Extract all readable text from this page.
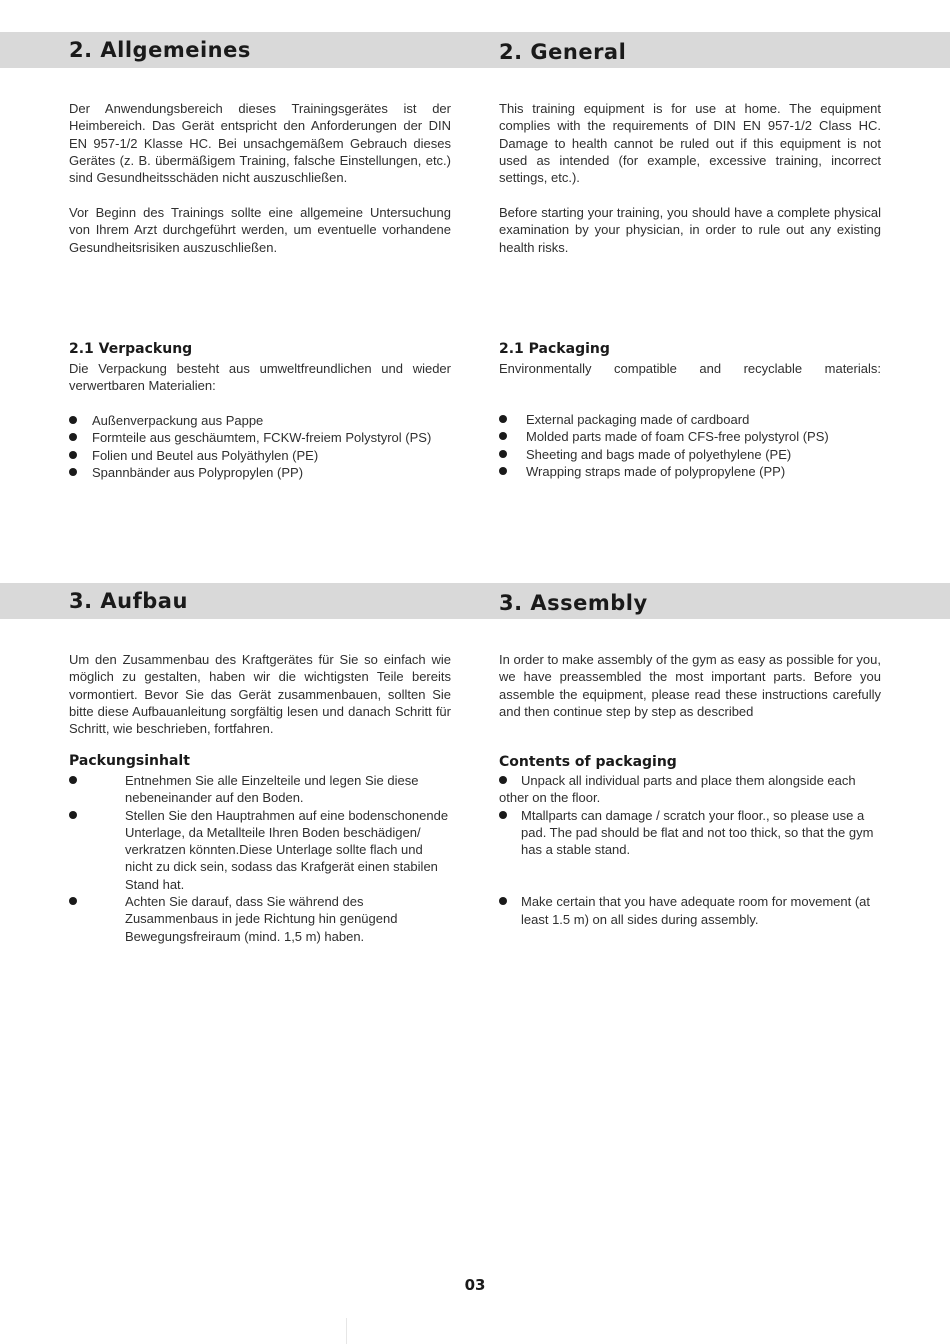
2. Allgemeines	2. General

Der Anwendungsbereich dieses Trainingsgerätes ist der Heimbereich. Das Gerät entspricht den Anforderungen der DIN EN 957-1/2 Klasse HC. Bei unsachgemäßem Gebrauch dieses Gerätes (z. B. übermäßigem Training, falsche Einstellungen, etc.) sind Gesundheitsschäden nicht auszuschließen.

Vor Beginn des Trainings sollte eine allgemeine Untersuchung von Ihrem Arzt durchgeführt werden, um eventuelle vorhandene Gesundheitsrisiken auszuschließen.

This training equipment is for use at home. The equipment complies with the requirements of DIN EN 957-1/2 Class HC. Damage to health cannot be ruled out if this equipment is not used as intended (for example, excessive training, incorrect settings, etc.).

Before starting your training, you should have a complete physical examination by your physician, in order to rule out any existing health risks.

2.1 Verpackung

Die Verpackung besteht aus umweltfreundlichen und wieder verwertbaren Materialien:

Außenverpackung aus Pappe
Formteile aus geschäumtem, FCKW-freiem Polystyrol (PS)
Folien und Beutel aus Polyäthylen (PE)
Spannbänder aus Polypropylen (PP)
2.1 Packaging

Environmentally compatible and recyclable materials:

External packaging made of cardboard
Molded parts made of foam CFS-free polystyrol (PS)
Sheeting and bags made of polyethylene (PE)
Wrapping straps made of polypropylene (PP)
3. Aufbau	3. Assembly

Um den Zusammenbau des Kraftgerätes für Sie so einfach wie möglich zu gestalten, haben wir die wichtigsten Teile bereits vormontiert. Bevor Sie das Gerät zusammenbauen, sollten Sie bitte diese Aufbauanleitung sorgfältig lesen und danach Schritt für Schritt, wie beschrieben, fortfahren.

Packungsinhalt
Entnehmen Sie alle Einzelteile und legen Sie diese nebeneinander auf den Boden.
Stellen Sie den Hauptrahmen auf eine bodenschonende Unterlage, da Metallteile Ihren Boden beschädigen/ verkratzen könnten.Diese Unterlage sollte flach und nicht zu dick sein, sodass das Krafgerät einen stabilen Stand hat.
Achten Sie darauf, dass Sie während des Zusammenbaus in jede Richtung hin genügend Bewegungsfreiraum (mind. 1,5 m) haben.

In order to make assembly of the gym as easy as possible for you, we have preassembled the most important parts. Before you assemble the equipment, please read these instructions carefully and then continue step by step as described

Contents of packaging
Unpack all individual parts and place them alongside each other on the floor.
Mtallparts can damage / scratch your floor., so please use a pad. The pad should be flat and not too thick, so that the gym has a stable stand.
Make certain that you have adequate room for movement (at least 1.5 m) on all sides during assembly.
03
